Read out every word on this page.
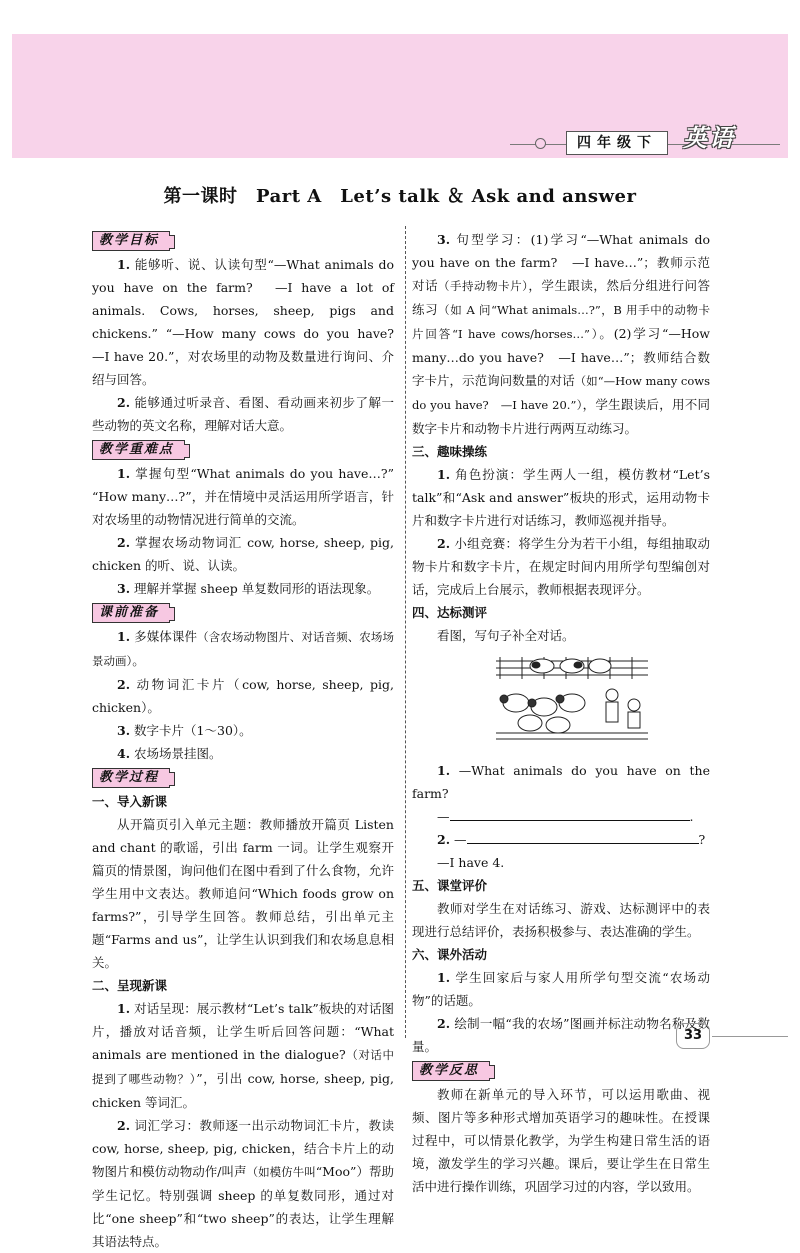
四年级下	英语
第一课时　Part A　Let’s talk ＆ Ask and answer
教学目标

1. 能够听、说、认读句型“—What animals do you have on the farm?　—I have a lot of animals. Cows, horses, sheep, pigs and chickens.” “—How many cows do you have?　—I have 20.”，对农场里的动物及数量进行询问、介绍与回答。

2. 能够通过听录音、看图、看动画来初步了解一些动物的英文名称，理解对话大意。

教学重难点

1. 掌握句型“What animals do you have…?” “How many…?”，并在情境中灵活运用所学语言，针对农场里的动物情况进行简单的交流。

2. 掌握农场动物词汇 cow, horse, sheep, pig, chicken 的听、说、认读。

3. 理解并掌握 sheep 单复数同形的语法现象。

课前准备

1. 多媒体课件（含农场动物图片、对话音频、农场场景动画）。

2. 动物词汇卡片（cow, horse, sheep, pig, chicken）。

3. 数字卡片（1～30）。

4. 农场场景挂图。

教学过程
一、导入新课

从开篇页引入单元主题：教师播放开篇页 Listen and chant 的歌谣，引出 farm 一词。让学生观察开篇页的情景图，询问他们在图中看到了什么食物，允许学生用中文表达。教师追问“Which foods grow on farms?”，引导学生回答。教师总结，引出单元主题“Farms and us”，让学生认识到我们和农场息息相关。

二、呈现新课

1. 对话呈现：展示教材“Let’s talk”板块的对话图片，播放对话音频，让学生听后回答问题：“What animals are mentioned in the dialogue?（对话中提到了哪些动物？）”，引出 cow, horse, sheep, pig, chicken 等词汇。

2. 词汇学习：教师逐一出示动物词汇卡片，教读 cow, horse, sheep, pig, chicken，结合卡片上的动物图片和模仿动物动作/叫声（如模仿牛叫“Moo”）帮助学生记忆。特别强调 sheep 的单复数同形，通过对比“one sheep”和“two sheep”的表达，让学生理解其语法特点。

3. 句型学习：(1)学习“—What animals do you have on the farm?　—I have…”；教师示范对话（手持动物卡片），学生跟读，然后分组进行问答练习（如 A 问“What animals…?”，B 用手中的动物卡片回答“I have cows/horses…”）。(2)学习“—How many…do you have?　—I have…”；教师结合数字卡片，示范询问数量的对话（如“—How many cows do you have?　—I have 20.”），学生跟读后，用不同数字卡片和动物卡片进行两两互动练习。

三、趣味操练

1. 角色扮演：学生两人一组，模仿教材“Let’s talk”和“Ask and answer”板块的形式，运用动物卡片和数字卡片进行对话练习，教师巡视并指导。

2. 小组竞赛：将学生分为若干小组，每组抽取动物卡片和数字卡片，在规定时间内用所学句型编创对话，完成后上台展示，教师根据表现评分。

四、达标测评

看图，写句子补全对话。

1. —What animals do you have on the farm?

—	.

2. —	?

—I have 4.

五、课堂评价

教师对学生在对话练习、游戏、达标测评中的表现进行总结评价，表扬积极参与、表达准确的学生。

六、课外活动

1. 学生回家后与家人用所学句型交流“农场动物”的话题。

2. 绘制一幅“我的农场”图画并标注动物名称及数量。

教学反思

教师在新单元的导入环节，可以运用歌曲、视频、图片等多种形式增加英语学习的趣味性。在授课过程中，可以情景化教学，为学生构建日常生活的语境，激发学生的学习兴趣。课后，要让学生在日常生活中进行操作训练，巩固学习过的内容，学以致用。

33
